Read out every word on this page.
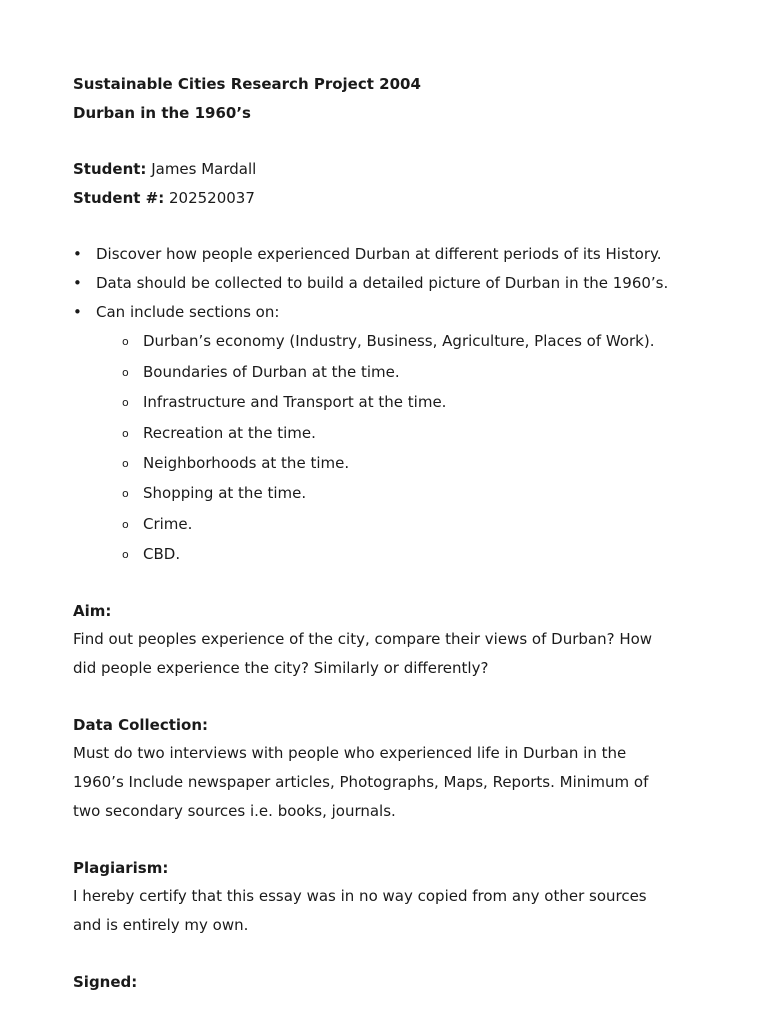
Sustainable Cities Research Project 2004
Durban in the 1960’s
Student: James Mardall
Student #: 202520037
• Discover how people experienced Durban at different periods of its History.
• Data should be collected to build a detailed picture of Durban in the 1960’s.
• Can include sections on:
o Durban’s economy (Industry, Business, Agriculture, Places of Work).
o Boundaries of Durban at the time.
o Infrastructure and Transport at the time.
o Recreation at the time.
o Neighborhoods at the time.
o Shopping at the time.
o Crime.
o CBD.
Aim:
Find out peoples experience of the city, compare their views of Durban? How
did people experience the city? Similarly or differently?
Data Collection:
Must do two interviews with people who experienced life in Durban in the
1960’s Include newspaper articles, Photographs, Maps, Reports. Minimum of
two secondary sources i.e. books, journals.
Plagiarism:
I hereby certify that this essay was in no way copied from any other sources
and is entirely my own.
Signed:
